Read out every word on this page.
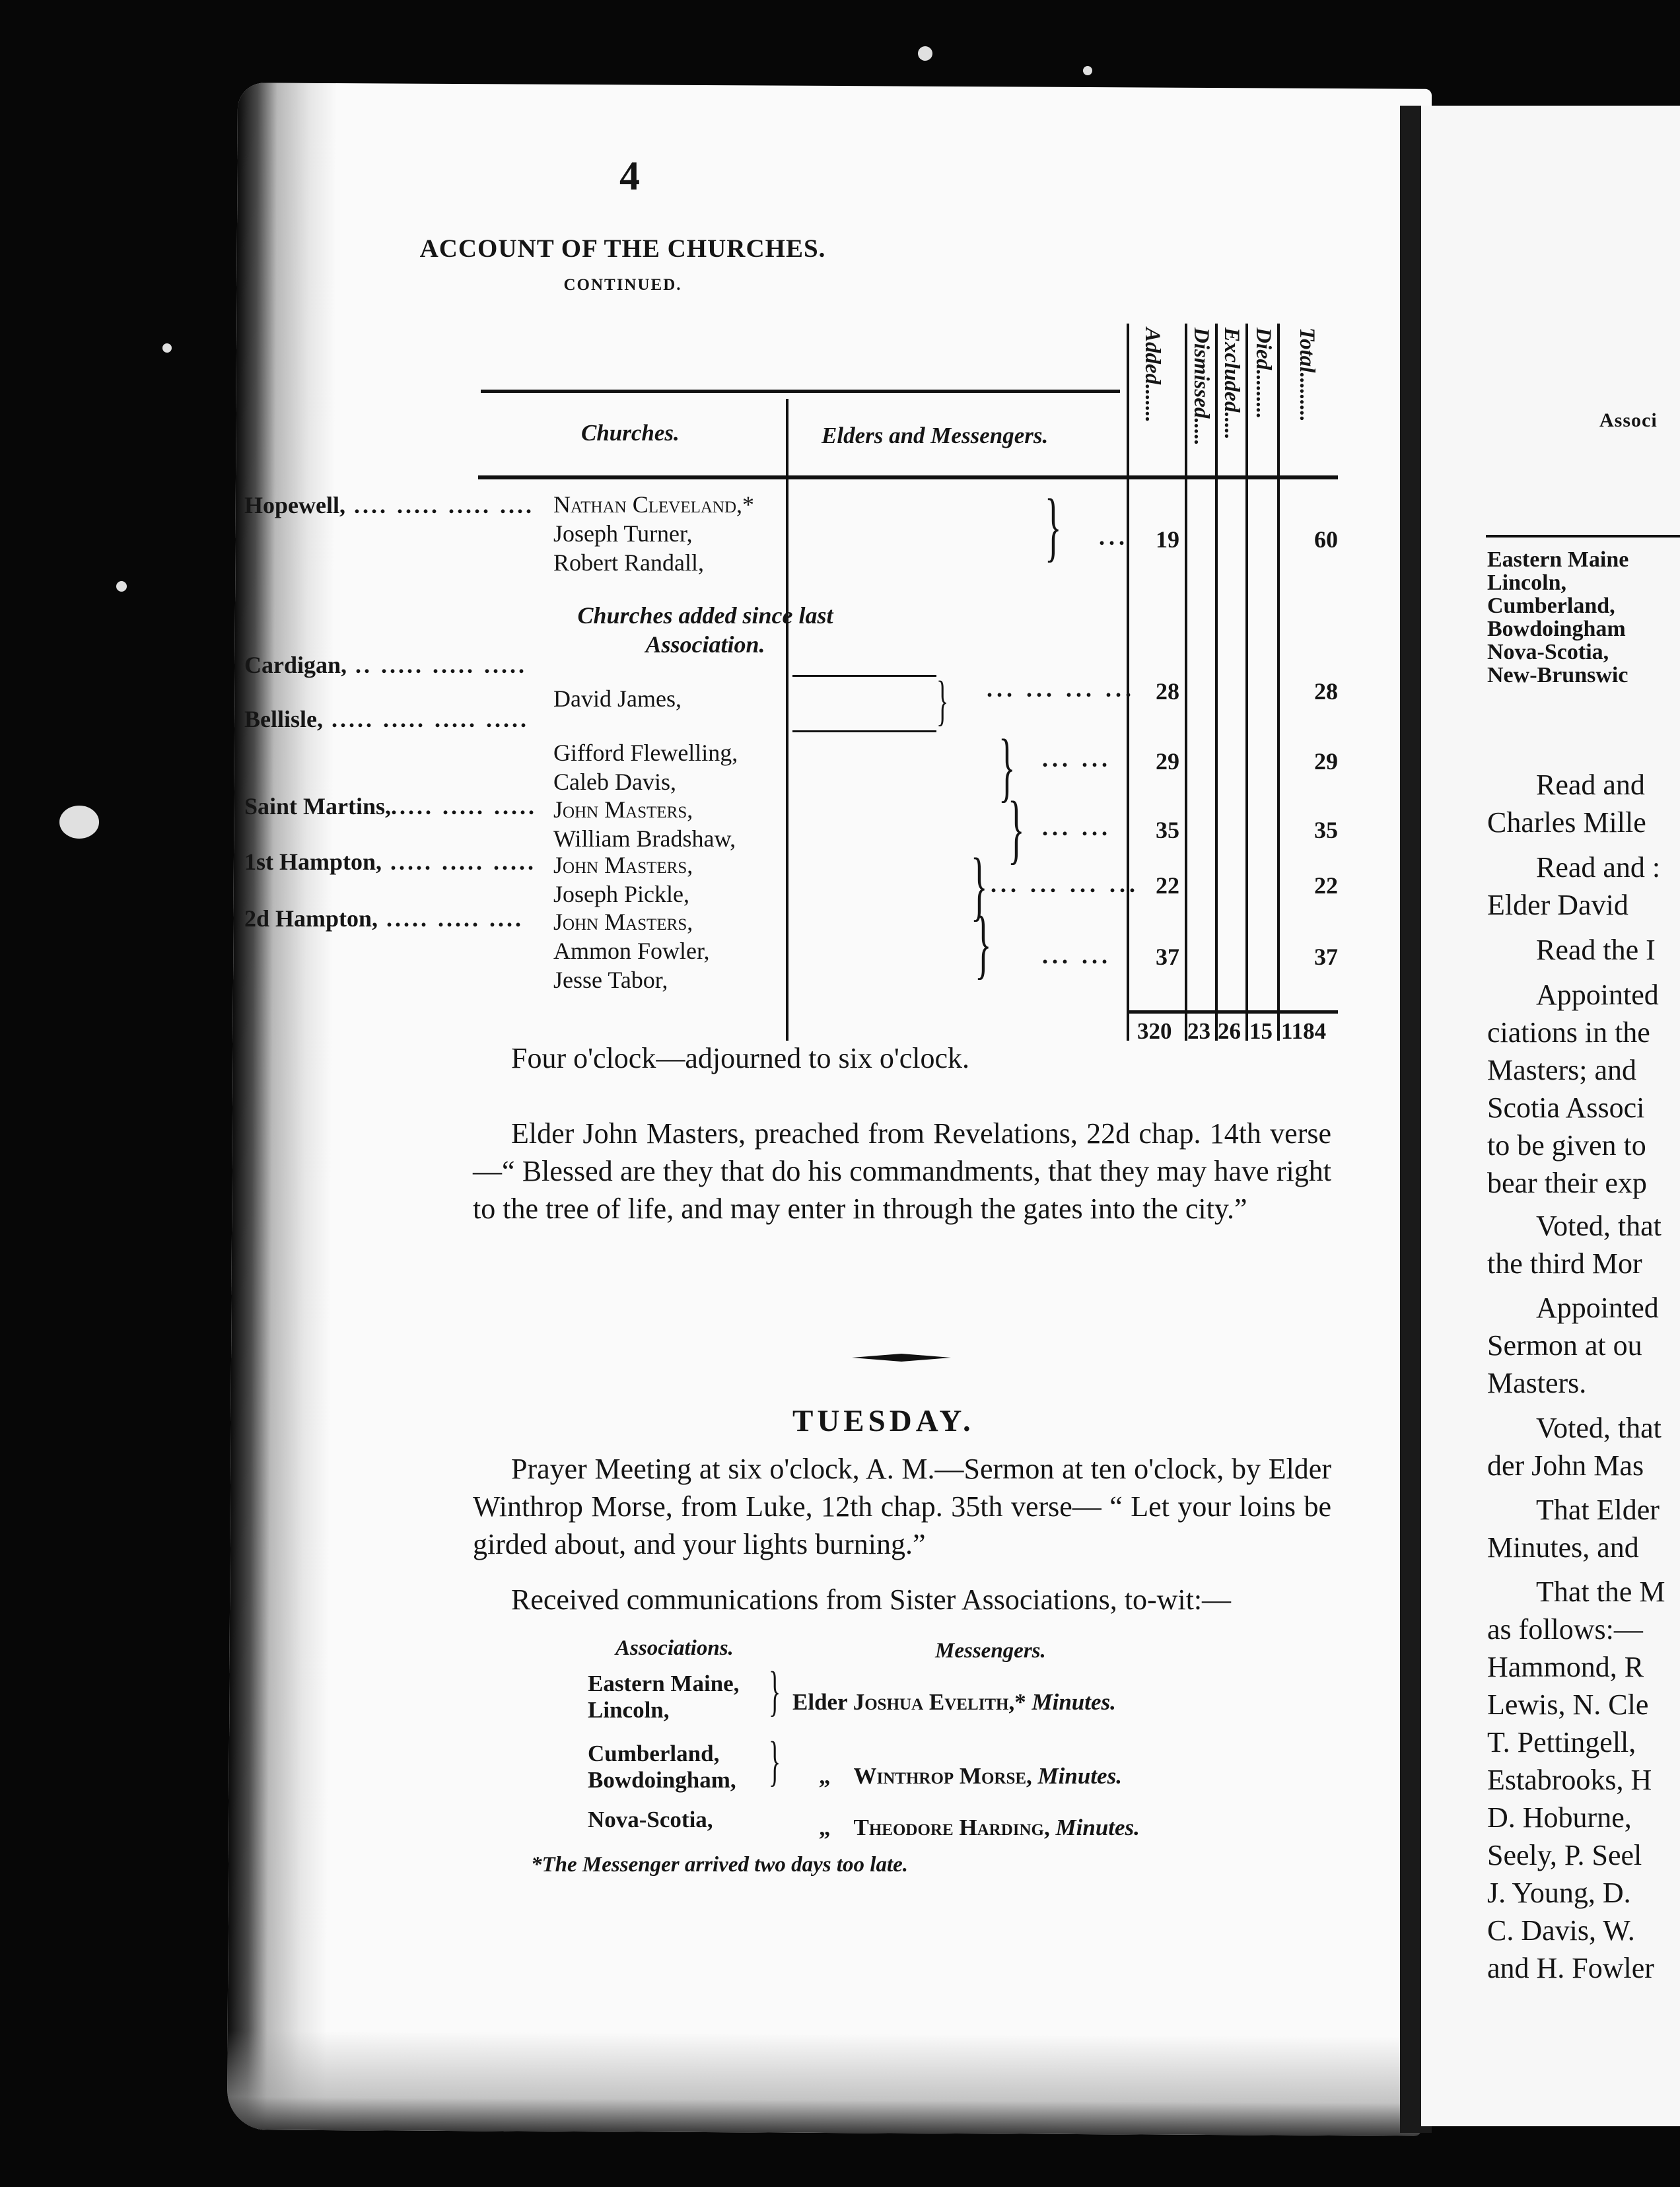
4
ACCOUNT OF THE CHURCHES.
CONTINUED.
Churches.	Elders and Messengers.
Added....... Dismissed..... Excluded..... Died......... Total.........
Hopewell, .... ..... ..... .... Nathan Cleveland,*
Joseph Turner,
Robert Randall,	} ...	19	60
Churches added since last Association.
Cardigan, .. ..... ..... .....
David James,	} ... ... ... ... 28	28
Bellisle, ..... ..... ..... .....
Gifford Flewelling,
Caleb Davis,	} ... ...	29	29
Saint Martins,..... ..... ..... John Masters,
William Bradshaw,	} ... ...	35	35
1st Hampton, ..... ..... ..... John Masters,
Joseph Pickle,	} ... ... ... ... 22	22
2d Hampton, ..... ..... .... John Masters,
Ammon Fowler,
Jesse Tabor,	} ... ...	37	37
320 23 26 15 1184
Four o'clock—adjourned to six o'clock.
Elder John Masters, preached from Revelations, 22d chap. 14th verse—“ Blessed are they that do his commandments, that they may have right to the tree of life, and may enter in through the gates into the city.”
TUESDAY.
Prayer Meeting at six o'clock, A. M.—Sermon at ten o'clock, by Elder Winthrop Morse, from Luke, 12th chap. 35th verse— “ Let your loins be girded about, and your lights burning.”
Received communications from Sister Associations, to-wit:—
Associations.	Messengers.
Eastern Maine,
Lincoln,	} Elder Joshua Evelith,* Minutes.
Cumberland,
Bowdoingham, } „ Winthrop Morse, Minutes.
Nova-Scotia,	„ Theodore Harding, Minutes.
*The Messenger arrived two days too late.
Associ
Eastern Maine
Lincoln,
Cumberland,
Bowdoingham
Nova-Scotia,
New-Brunswic
Read and
Charles Mille
Read and :
Elder David
Read the I
Appointed
ciations in the
Masters; and
Scotia Associ
to be given to
bear their exp
Voted, that
the third Mor
Appointed
Sermon at ou
Masters.
Voted, that
der John Mas
That Elder
Minutes, and
That the M
as follows:—
Hammond, R
Lewis, N. Cle
T. Pettingell,
Estabrooks, H
D. Hoburne,
Seely, P. Seel
J. Young, D.
C. Davis, W.
and H. Fowler
